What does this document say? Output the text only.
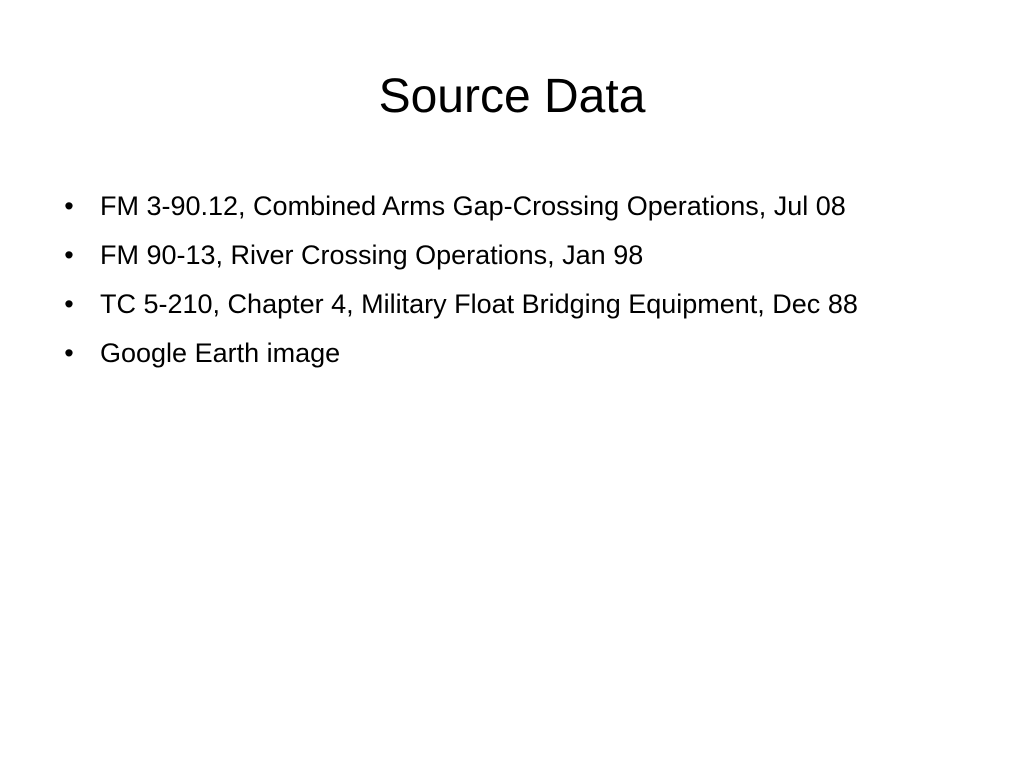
Source Data
• FM 3-90.12, Combined Arms Gap-Crossing Operations, Jul 08
• FM 90-13, River Crossing Operations, Jan 98
• TC 5-210, Chapter 4, Military Float Bridging Equipment, Dec 88
• Google Earth image
